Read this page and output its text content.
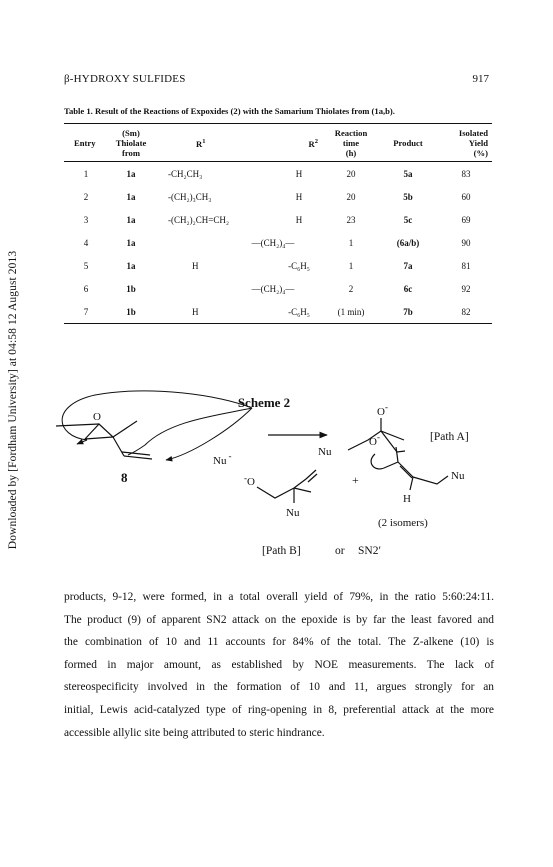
Downloaded by [Fordham University] at 04:58 12 August 2013
β-HYDROXY SULFIDES	917
Table 1. Result of the Reactions of Expoxides (2) with the Samarium Thiolates from (1a,b).
Entry	(Sm)
Thiolate
from	$R^1$	$R^2$	Reaction
time
(h)	Product	Isolated
Yield
(%)
1	1a	-CH₂CH₃	H	20	5a	83
2	1a	-(CH₂)₃CH₃	H	20	5b	60
3	1a	-(CH₂)₂CH=CH₂	H	23	5c	69
4	1a	—(CH₂)₄—		1	(6a/b)	90
5	1a	H	-C₆H₅	1	7a	81
6	1b	—(CH₂)₄—		2	6c	92
7	1b	H	-C₆H₅	(1 min)	7b	82
Scheme 2
O
Nu -
8
Nu
O-
[Path A]
-O
Nu
+
O-
Nu
H
(2 isomers)
[Path B]	or SN2′
products, 9-12, were formed, in a total overall yield of 79%, in the ratio 5:60:24:11.
The product (9) of apparent SN2 attack on the epoxide is by far the least favored and
the combination of 10 and 11 accounts for 84% of the total. The Z-alkene (10) is
formed in major amount, as established by NOE measurements. The lack of
stereospecificity involved in the formation of 10 and 11, argues strongly for an
initial, Lewis acid-catalyzed type of ring-opening in 8, preferential attack at the more
accessible allylic site being attributed to steric hindrance.
